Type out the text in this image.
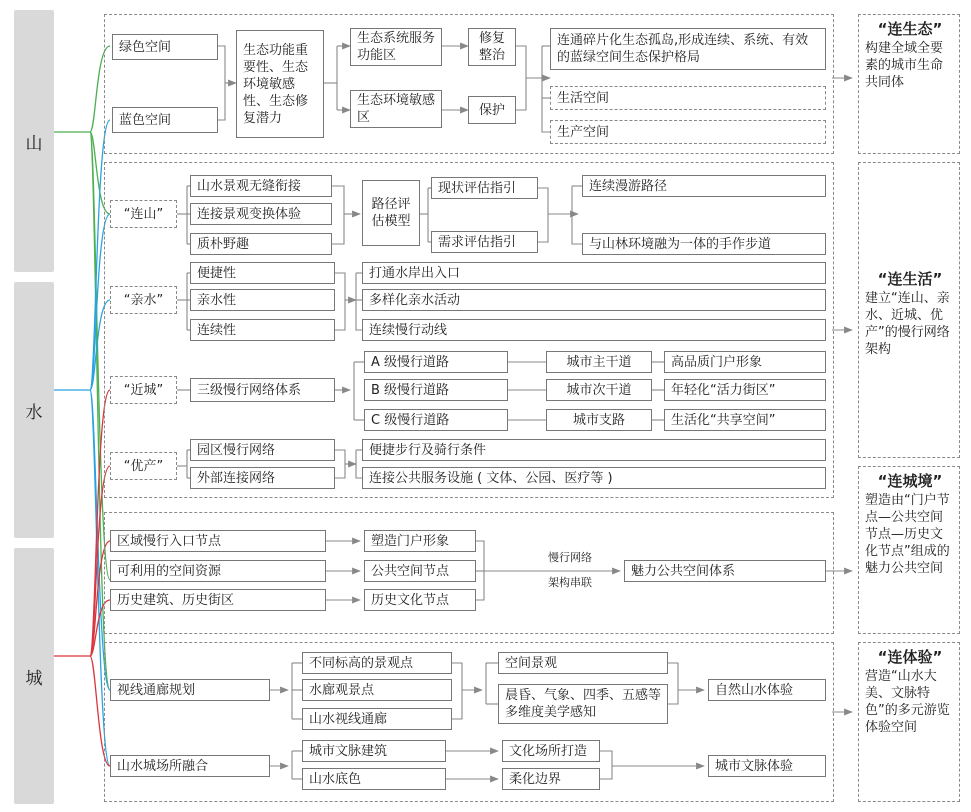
山
水
城
绿色空间
蓝色空间
生态功能重要性、生态环境敏感性、生态修复潜力
生态系统服务功能区
生态环境敏感区
修复整治
保护
连通碎片化生态孤岛,形成连续、系统、有效的蓝绿空间生态保护格局
生活空间
生产空间
“连山”
山水景观无缝衔接
连接景观变换体验
质朴野趣
路径评估模型
现状评估指引
需求评估指引
连续漫游路径
与山林环境融为一体的手作步道
“亲水”
便捷性
亲水性
连续性
打通水岸出入口
多样化亲水活动
连续慢行动线
“近城”	三级慢行网络体系
A 级慢行道路
B 级慢行道路
C 级慢行道路
城市主干道
城市次干道
城市支路
高品质门户形象
年轻化“活力街区”
生活化“共享空间”
“优产”
园区慢行网络
外部连接网络
便捷步行及骑行条件
连接公共服务设施 ( 文体、公园、医疗等 )
区域慢行入口节点
可利用的空间资源
历史建筑、历史街区
塑造门户形象
公共空间节点
历史文化节点
慢行网络
架构串联
魅力公共空间体系
视线通廊规划
山水城场所融合
不同标高的景观点
水廊观景点
山水视线通廊
空间景观
晨昏、气象、四季、五感等多维度美学感知
自然山水体验
城市文脉建筑
山水底色
文化场所打造
柔化边界
城市文脉体验
“连生态”
构建全域全要素的城市生命共同体
“连生活”
建立“连山、亲水、近城、优产”的慢行网络架构
“连城境”
塑造由“门户节点—公共空间节点—历史文化节点”组成的魅力公共空间
“连体验”
营造“山水大美、文脉特色”的多元游览体验空间
